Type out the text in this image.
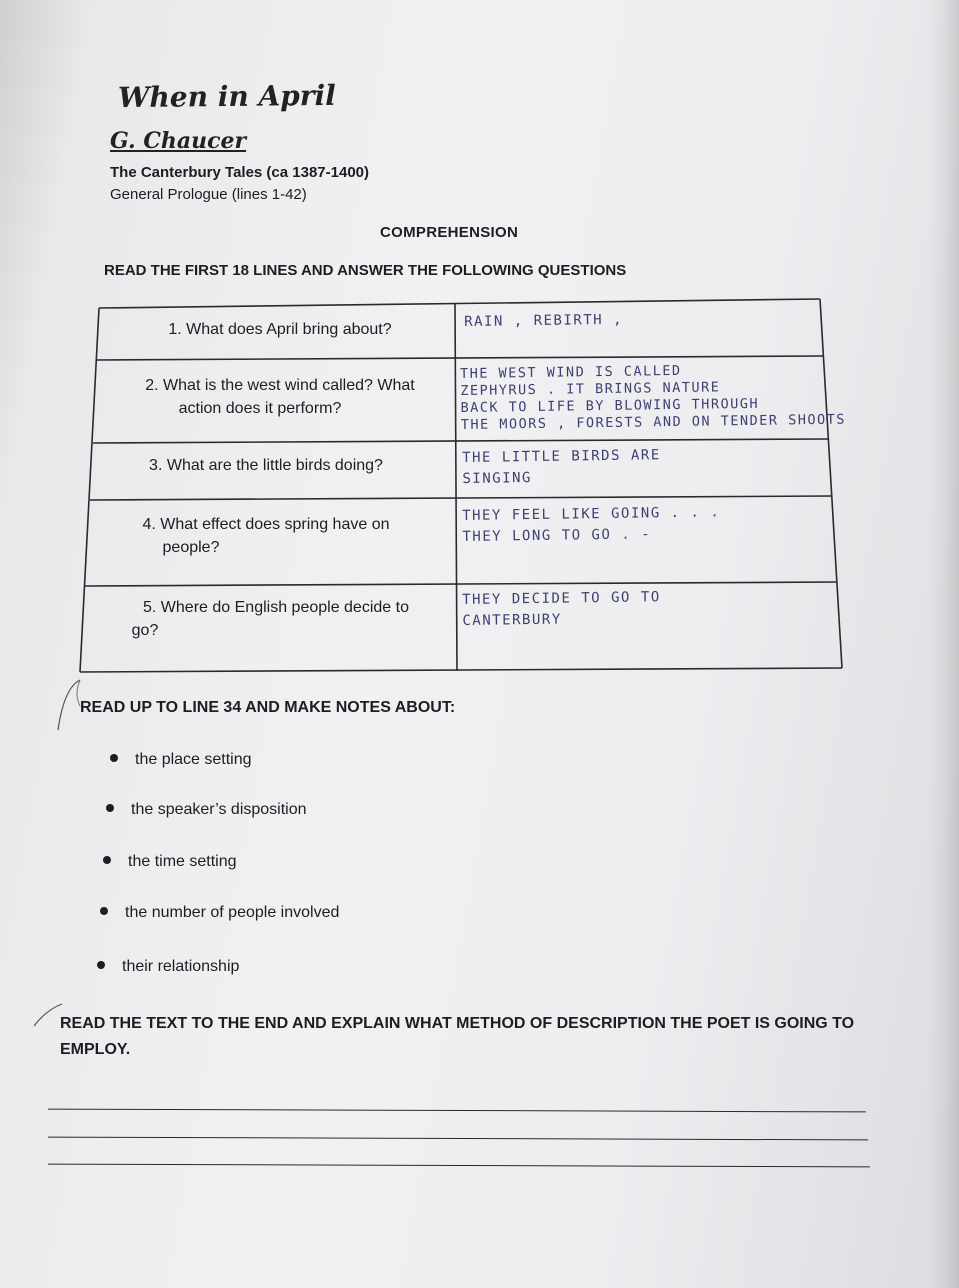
When in April
G. Chaucer
The Canterbury Tales (ca 1387-1400)
General Prologue (lines 1-42)
COMPREHENSION
READ THE FIRST 18 LINES AND ANSWER THE FOLLOWING QUESTIONS
1. What does April bring about?
2. What is the west wind called? What
action does it perform?
3. What are the little birds doing?
4. What effect does spring have on
people?
5. Where do English people decide to
go?
RAIN , REBIRTH ,
THE WEST WIND IS CALLED
ZEPHYRUS . IT BRINGS NATURE
BACK TO LIFE BY BLOWING THROUGH
THE MOORS , FORESTS AND ON TENDER SHOOTS
THE LITTLE BIRDS ARE
SINGING
THEY FEEL LIKE GOING . . .
THEY LONG TO GO . -
THEY DECIDE TO GO TO
CANTERBURY
READ UP TO LINE 34 AND MAKE NOTES ABOUT:
the place setting
the speaker’s disposition
the time setting
the number of people involved
their relationship
READ THE TEXT TO THE END AND EXPLAIN WHAT METHOD OF DESCRIPTION THE POET IS GOING TO EMPLOY.
